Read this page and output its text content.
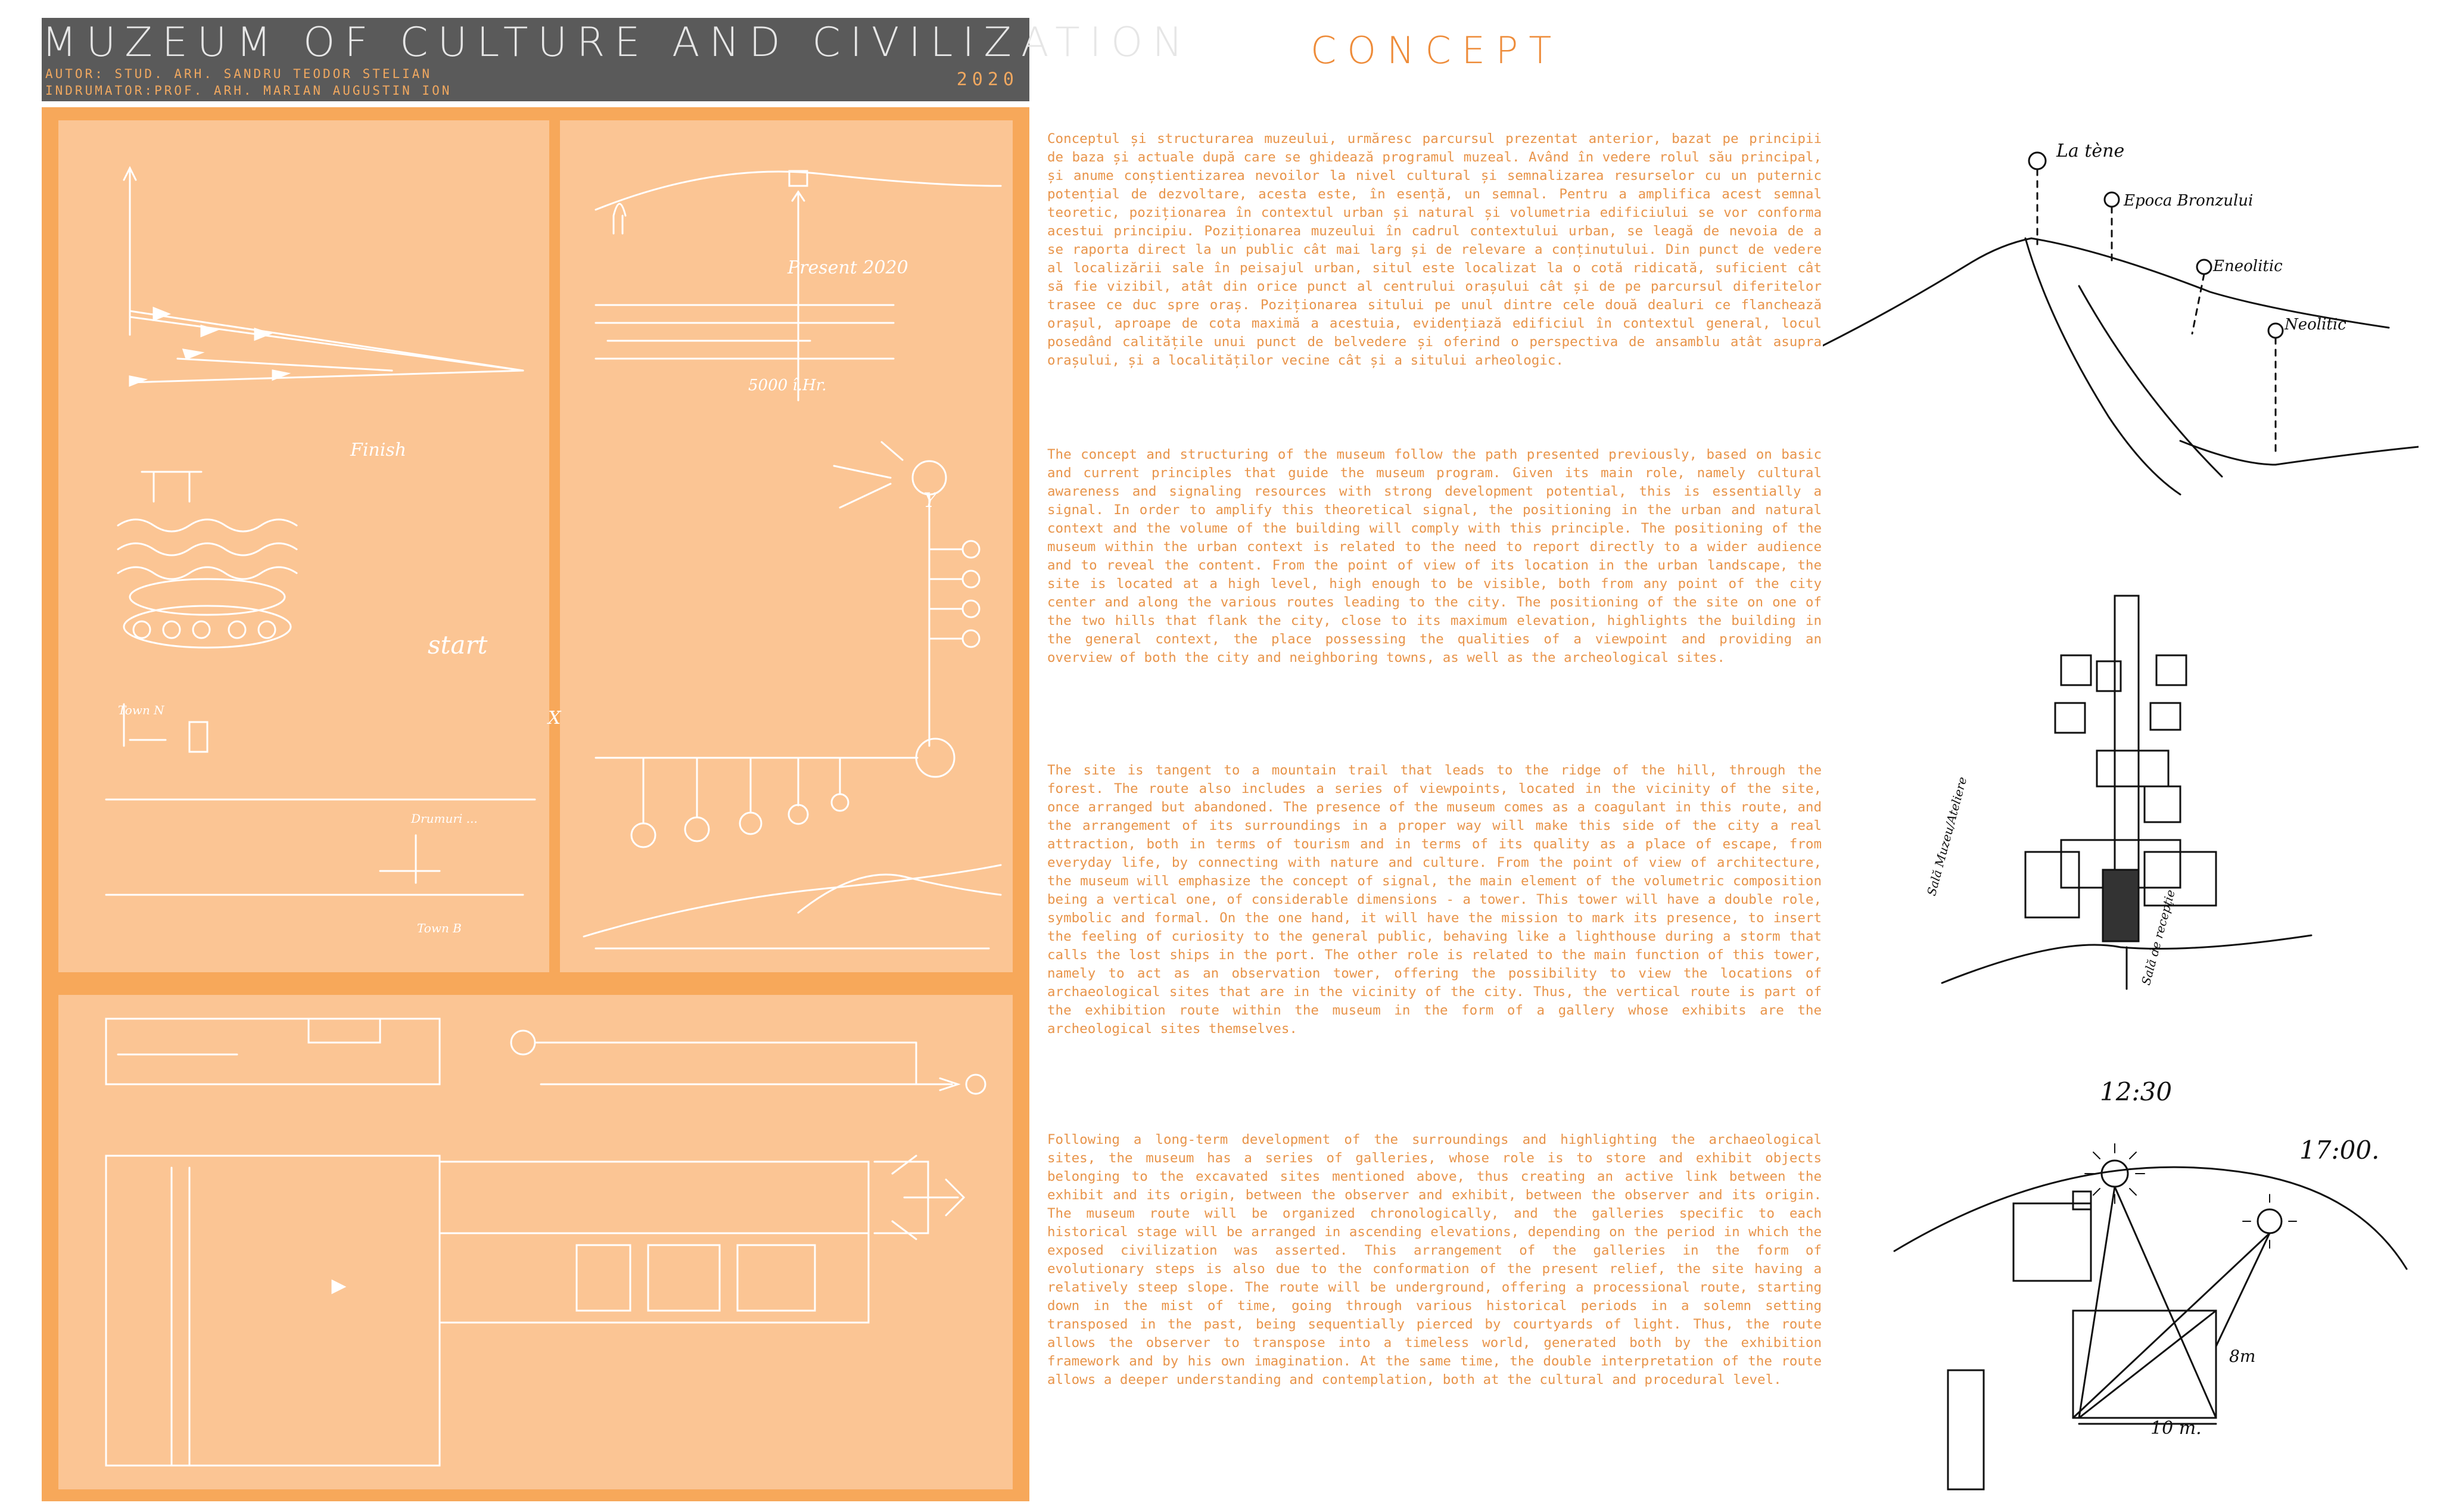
MUZEUM OF CULTURE AND CIVILIZATION
AUTOR: STUD. ARH. SANDRU TEODOR STELIAN
INDRUMATOR:PROF. ARH. MARIAN AUGUSTIN ION
2020
Present 2020
5000 î.Hr.
Finish
start
Y
X
Town N
Drumuri ...
Town B
CONCEPT
Conceptul și structurarea muzeului, urmăresc parcursul prezentat anterior, bazat pe principii de baza și actuale după care se ghidează programul muzeal. Având în vedere rolul său principal, și anume conștientizarea nevoilor la nivel cultural și semnalizarea resurselor cu un puternic potențial de dezvoltare, acesta este, în esență, un semnal. Pentru a amplifica acest semnal teoretic, poziționarea în contextul urban și natural și volumetria edificiului se vor conforma acestui principiu. Poziționarea muzeului în cadrul contextului urban, se leagă de nevoia de a se raporta direct la un public cât mai larg și de relevare a conținutului. Din punct de vedere al localizării sale în peisajul urban, situl este localizat la o cotă ridicată, suficient cât să fie vizibil, atât din orice punct al centrului orașului cât și de pe parcursul diferitelor trasee ce duc spre oraș. Poziționarea sitului pe unul dintre cele două dealuri ce flanchează orașul, aproape de cota maximă a acestuia, evidențiază edificiul în contextul general, locul posedând calitățile unui punct de belvedere și oferind o perspectiva de ansamblu atât asupra orașului, și a localităților vecine cât și a sitului arheologic.
The concept and structuring of the museum follow the path presented previously, based on basic and current principles that guide the museum program. Given its main role, namely cultural awareness and signaling resources with strong development potential, this is essentially a signal. In order to amplify this theoretical signal, the positioning in the urban and natural context and the volume of the building will comply with this principle. The positioning of the museum within the urban context is related to the need to report directly to a wider audience and to reveal the content. From the point of view of its location in the urban landscape, the site is located at a high level, high enough to be visible, both from any point of the city center and along the various routes leading to the city. The positioning of the site on one of the two hills that flank the city, close to its maximum elevation, highlights the building in the general context, the place possessing the qualities of a viewpoint and providing an overview of both the city and neighboring towns, as well as the archeological sites.
The site is tangent to a mountain trail that leads to the ridge of the hill, through the forest. The route also includes a series of viewpoints, located in the vicinity of the site, once arranged but abandoned. The presence of the museum comes as a coagulant in this route, and the arrangement of its surroundings in a proper way will make this side of the city a real attraction, both in terms of tourism and in terms of its quality as a place of escape, from everyday life, by connecting with nature and culture. From the point of view of architecture, the museum will emphasize the concept of signal, the main element of the volumetric composition being a vertical one, of considerable dimensions - a tower. This tower will have a double role, symbolic and formal. On the one hand, it will have the mission to mark its presence, to insert the feeling of curiosity to the general public, behaving like a lighthouse during a storm that calls the lost ships in the port. The other role is related to the main function of this tower, namely to act as an observation tower, offering the possibility to view the locations of archaeological sites that are in the vicinity of the city. Thus, the vertical route is part of the exhibition route within the museum in the form of a gallery whose exhibits are the archeological sites themselves.
Following a long-term development of the surroundings and highlighting the archaeological sites, the museum has a series of galleries, whose role is to store and exhibit objects belonging to the excavated sites mentioned above, thus creating an active link between the exhibit and its origin, between the observer and exhibit, between the observer and its origin. The museum route will be organized chronologically, and the galleries specific to each historical stage will be arranged in ascending elevations, depending on the period in which the exposed civilization was asserted. This arrangement of the galleries in the form of evolutionary steps is also due to the conformation of the present relief, the site having a relatively steep slope. The route will be underground, offering a processional route, starting down in the mist of time, going through various historical periods in a solemn setting transposed in the past, being sequentially pierced by courtyards of light. Thus, the route allows the observer to transpose into a timeless world, generated both by the exhibition framework and by his own imagination. At the same time, the double interpretation of the route allows a deeper understanding and contemplation, both at the cultural and procedural level.
La tène
Epoca Bronzului
Eneolitic
Neolitic
Sală Muzeu/Ateliere
Sală de recepție
12:30
17:00.
8m
10 m.
